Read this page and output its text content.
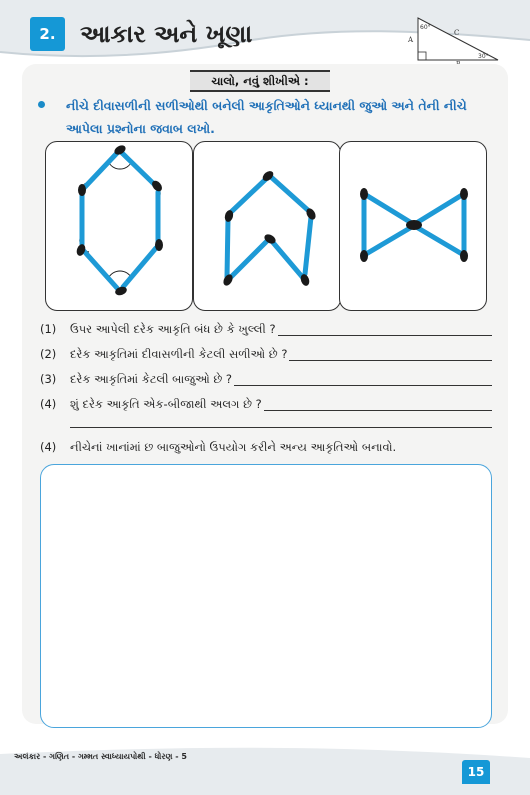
2.	આકાર અને ખૂણા	60°
30°
A
C
ચાલો, નવું શીખીએ :
નીચે દીવાસળીની સળીઓથી બનેલી આકૃતિઓને ધ્યાનથી જુઓ અને તેની નીચે આપેલા પ્રશ્નોના જવાબ લખો.
(1) ઉપર આપેલી દરેક આકૃતિ બંધ છે કે ખુલ્લી ?
(2) દરેક આકૃતિમાં દીવાસળીની કેટલી સળીઓ છે ?
(3) દરેક આકૃતિમાં કેટલી બાજુઓ છે ?
(4) શું દરેક આકૃતિ એક-બીજાથી અલગ છે ?
(4) નીચેનાં ખાનાંમાં છ બાજુઓનો ઉપયોગ કરીને અન્ય આકૃતિઓ બનાવો.
અલંકાર - ગણિત - ગમ્મત સ્વાધ્યાયપોથી - ધોરણ - 5
15
